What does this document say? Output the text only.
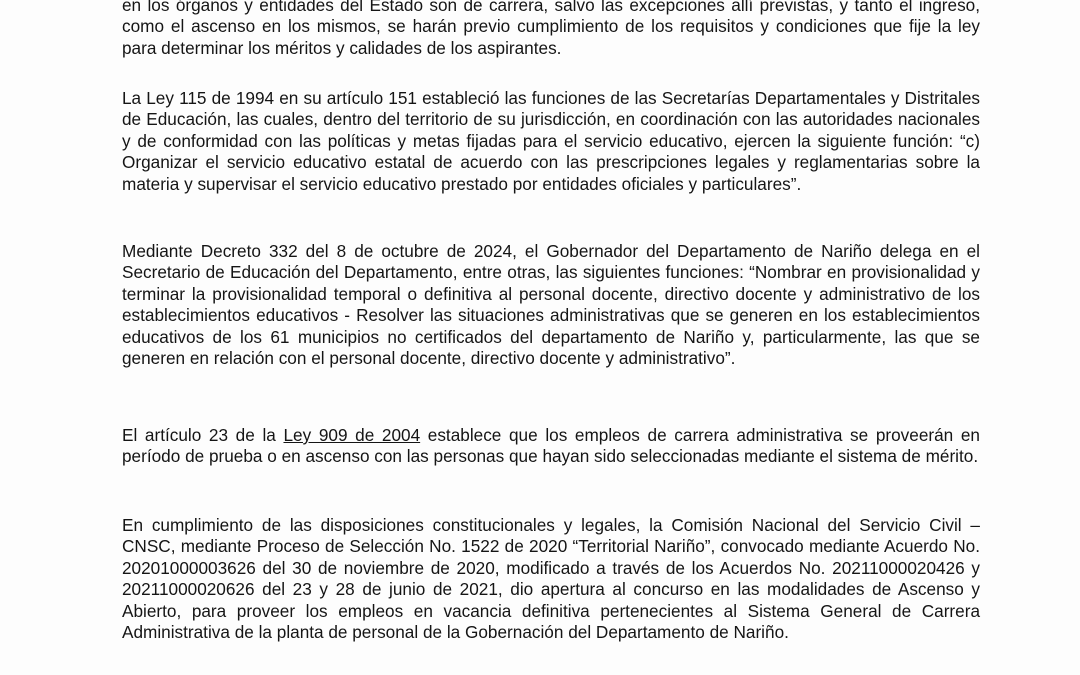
en los órganos y entidades del Estado son de carrera, salvo las excepciones allí previstas, y tanto el ingreso, como el ascenso en los mismos, se harán previo cumplimiento de los requisitos y condiciones que fije la ley para determinar los méritos y calidades de los aspirantes.

La Ley 115 de 1994 en su artículo 151 estableció las funciones de las Secretarías Departamentales y Distritales de Educación, las cuales, dentro del territorio de su jurisdicción, en coordinación con las autoridades nacionales y de conformidad con las políticas y metas fijadas para el servicio educativo, ejercen la siguiente función: “c) Organizar el servicio educativo estatal de acuerdo con las prescripciones legales y reglamentarias sobre la materia y supervisar el servicio educativo prestado por entidades oficiales y particulares”.

Mediante Decreto 332 del 8 de octubre de 2024, el Gobernador del Departamento de Nariño delega en el Secretario de Educación del Departamento, entre otras, las siguientes funciones: “Nombrar en provisionalidad y terminar la provisionalidad temporal o definitiva al personal docente, directivo docente y administrativo de los establecimientos educativos - Resolver las situaciones administrativas que se generen en los establecimientos educativos de los 61 municipios no certificados del departamento de Nariño y, particularmente, las que se generen en relación con el personal docente, directivo docente y administrativo”.

El artículo 23 de la Ley 909 de 2004 establece que los empleos de carrera administrativa se proveerán en período de prueba o en ascenso con las personas que hayan sido seleccionadas mediante el sistema de mérito.

En cumplimiento de las disposiciones constitucionales y legales, la Comisión Nacional del Servicio Civil – CNSC, mediante Proceso de Selección No. 1522 de 2020 “Territorial Nariño”, convocado mediante Acuerdo No. 20201000003626 del 30 de noviembre de 2020, modificado a través de los Acuerdos No. 20211000020426 y 20211000020626 del 23 y 28 de junio de 2021, dio apertura al concurso en las modalidades de Ascenso y Abierto, para proveer los empleos en vacancia definitiva pertenecientes al Sistema General de Carrera Administrativa de la planta de personal de la Gobernación del Departamento de Nariño.
